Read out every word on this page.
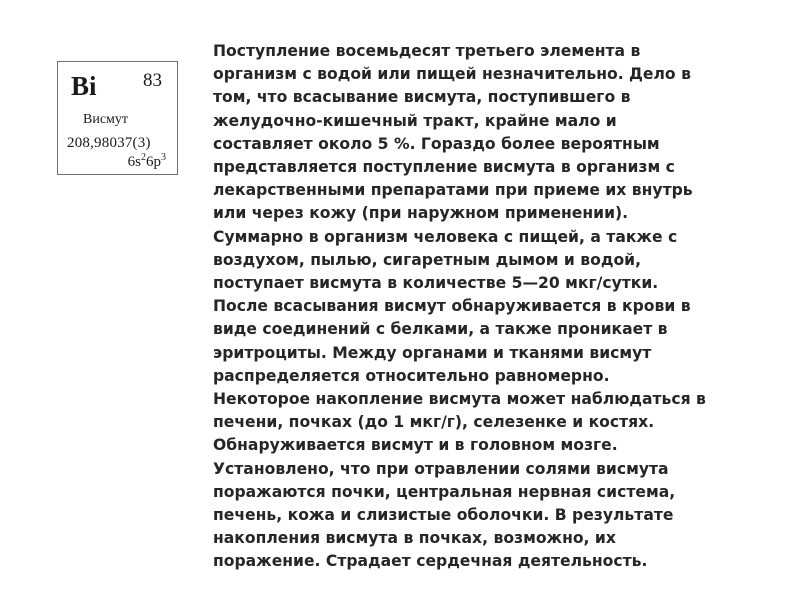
Bi 83
Висмут
208,98037(3)
$6s^26p^3$

Поступление восемьдесят третьего элемента в
организм с водой или пищей незначительно. Дело в
том, что всасывание висмута, поступившего в
желудочно-кишечный тракт, крайне мало и
составляет около 5 %. Гораздо более вероятным
представляется поступление висмута в организм с
лекарственными препаратами при приеме их внутрь
или через кожу (при наружном применении).
Суммарно в организм человека с пищей, а также с
воздухом, пылью, сигаретным дымом и водой,
поступает висмута в количестве 5—20 мкг/сутки.
После всасывания висмут обнаруживается в крови в
виде соединений с белками, а также проникает в
эритроциты. Между органами и тканями висмут
распределяется относительно равномерно.
Некоторое накопление висмута может наблюдаться в
печени, почках (до 1 мкг/г), селезенке и костях.
Обнаруживается висмут и в головном мозге.
Установлено, что при отравлении солями висмута
поражаются почки, центральная нервная система,
печень, кожа и слизистые оболочки. В результате
накопления висмута в почках, возможно, их
поражение. Страдает сердечная деятельность.
